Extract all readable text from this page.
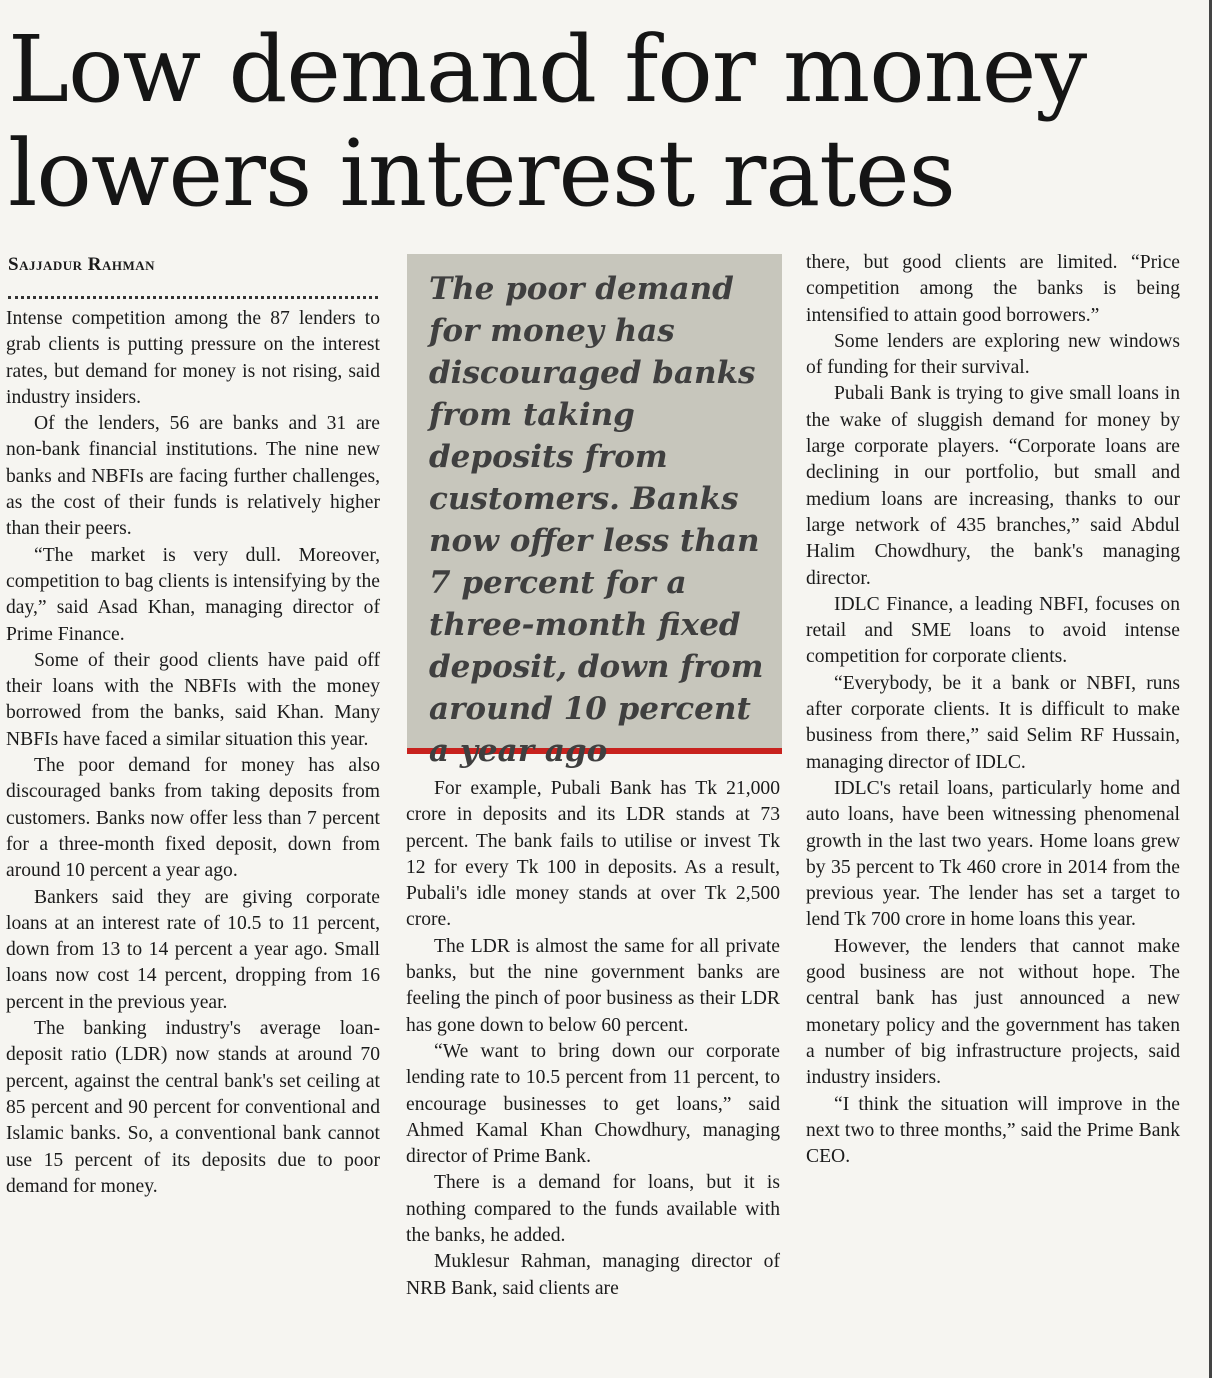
Low demand for money
lowers interest rates
Sajjadur Rahman

Intense competition among the 87 lenders to grab clients is putting pressure on the interest rates, but demand for money is not rising, said industry insiders.

Of the lenders, 56 are banks and 31 are non-bank financial institutions. The nine new banks and NBFIs are facing further challenges, as the cost of their funds is relatively higher than their peers.

“The market is very dull. Moreover, competition to bag clients is intensifying by the day,” said Asad Khan, managing director of Prime Finance.

Some of their good clients have paid off their loans with the NBFIs with the money borrowed from the banks, said Khan. Many NBFIs have faced a similar situation this year.

The poor demand for money has also discouraged banks from taking deposits from customers. Banks now offer less than 7 percent for a three-month fixed deposit, down from around 10 percent a year ago.

Bankers said they are giving corporate loans at an interest rate of 10.5 to 11 percent, down from 13 to 14 percent a year ago. Small loans now cost 14 percent, dropping from 16 percent in the previous year.

The banking industry's average loan-deposit ratio (LDR) now stands at around 70 percent, against the central bank's set ceiling at 85 percent and 90 percent for conventional and Islamic banks. So, a conventional bank cannot use 15 percent of its deposits due to poor demand for money.

The poor demand for money has discouraged banks from taking deposits from customers. Banks now offer less than 7 percent for a three-month fixed deposit, down from around 10 percent a year ago

For example, Pubali Bank has Tk 21,000 crore in deposits and its LDR stands at 73 percent. The bank fails to utilise or invest Tk 12 for every Tk 100 in deposits. As a result, Pubali's idle money stands at over Tk 2,500 crore.

The LDR is almost the same for all private banks, but the nine government banks are feeling the pinch of poor business as their LDR has gone down to below 60 percent.

“We want to bring down our corporate lending rate to 10.5 percent from 11 percent, to encourage businesses to get loans,” said Ahmed Kamal Khan Chowdhury, managing director of Prime Bank.

There is a demand for loans, but it is nothing compared to the funds available with the banks, he added.

Muklesur Rahman, managing director of NRB Bank, said clients are

there, but good clients are limited. “Price competition among the banks is being intensified to attain good borrowers.”

Some lenders are exploring new windows of funding for their survival.

Pubali Bank is trying to give small loans in the wake of sluggish demand for money by large corporate players. “Corporate loans are declining in our portfolio, but small and medium loans are increasing, thanks to our large network of 435 branches,” said Abdul Halim Chowdhury, the bank's managing director.

IDLC Finance, a leading NBFI, focuses on retail and SME loans to avoid intense competition for corporate clients.

“Everybody, be it a bank or NBFI, runs after corporate clients. It is difficult to make business from there,” said Selim RF Hussain, managing director of IDLC.

IDLC's retail loans, particularly home and auto loans, have been witnessing phenomenal growth in the last two years. Home loans grew by 35 percent to Tk 460 crore in 2014 from the previous year. The lender has set a target to lend Tk 700 crore in home loans this year.

However, the lenders that cannot make good business are not without hope. The central bank has just announced a new monetary policy and the government has taken a number of big infrastructure projects, said industry insiders.

“I think the situation will improve in the next two to three months,” said the Prime Bank CEO.
